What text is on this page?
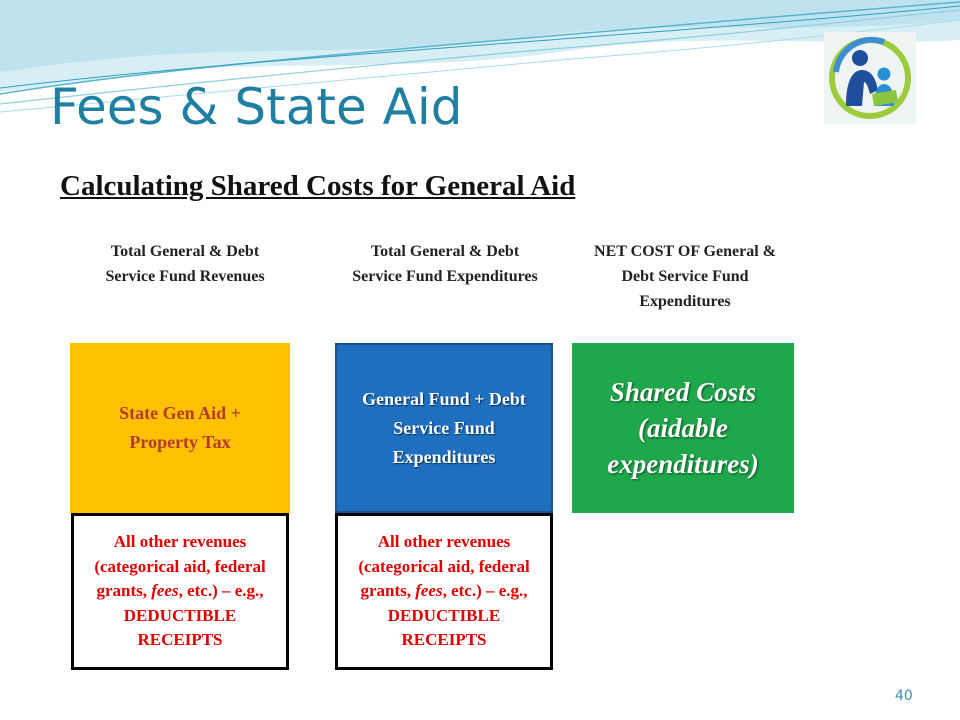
Fees & State Aid
Calculating Shared Costs for General Aid
Total General & Debt Service Fund Revenues
Total General & Debt Service Fund Expenditures
NET COST OF General & Debt Service Fund Expenditures
State Gen Aid + Property Tax
General Fund + Debt Service Fund Expenditures
Shared Costs (aidable expenditures)
All other revenues (categorical aid, federal grants, fees, etc.) – e.g., DEDUCTIBLE RECEIPTS
All other revenues (categorical aid, federal grants, fees, etc.) – e.g., DEDUCTIBLE RECEIPTS
40
